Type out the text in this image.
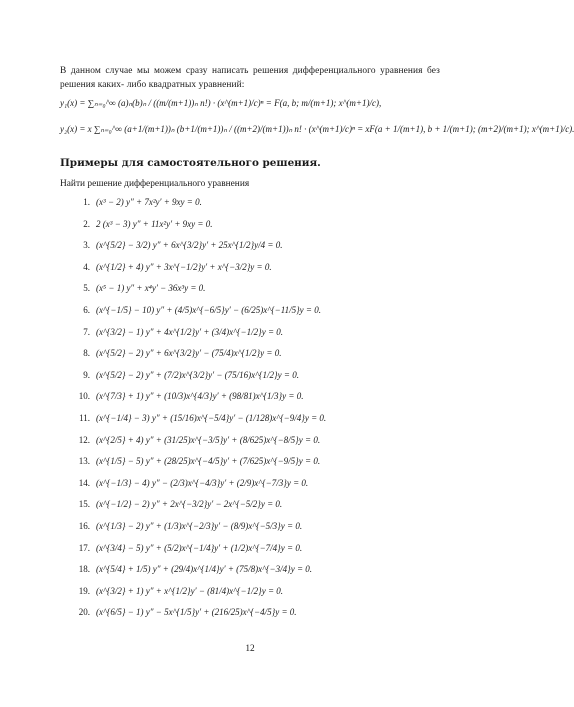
В данном случае мы можем сразу написать решения дифференциального уравнения без решения каких- либо квадратных уравнений:
y₁(x) = ∑ₙ₌₀^∞ (a)ₙ(b)ₙ / ((m/(m+1))ₙ n!) · (x^(m+1)/c)ⁿ = F(a, b; m/(m+1); x^(m+1)/c),
y₂(x) = x ∑ₙ₌₀^∞ (a+1/(m+1))ₙ (b+1/(m+1))ₙ / ((m+2)/(m+1))ₙ n! · (x^(m+1)/c)ⁿ = xF(a + 1/(m+1), b + 1/(m+1); (m+2)/(m+1); x^(m+1)/c).
Примеры для самостоятельного решения.
Найти решение дифференциального уравнения
1. (x³ − 2) y″ + 7x²y′ + 9xy = 0.
2. 2 (x³ − 3) y″ + 11x²y′ + 9xy = 0.
3. (x^{5/2} − 3/2) y″ + 6x^{3/2}y′ + 25x^{1/2}y/4 = 0.
4. (x^{1/2} + 4) y″ + 3x^{−1/2}y′ + x^{−3/2}y = 0.
5. (x⁵ − 1) y″ + x⁴y′ − 36x³y = 0.
6. (x^{−1/5} − 10) y″ + (4/5)x^{−6/5}y′ − (6/25)x^{−11/5}y = 0.
7. (x^{3/2} − 1) y″ + 4x^{1/2}y′ + (3/4)x^{−1/2}y = 0.
8. (x^{5/2} − 2) y″ + 6x^{3/2}y′ − (75/4)x^{1/2}y = 0.
9. (x^{5/2} − 2) y″ + (7/2)x^{3/2}y′ − (75/16)x^{1/2}y = 0.
10. (x^{7/3} + 1) y″ + (10/3)x^{4/3}y′ + (98/81)x^{1/3}y = 0.
11. (x^{−1/4} − 3) y″ + (15/16)x^{−5/4}y′ − (1/128)x^{−9/4}y = 0.
12. (x^{2/5} + 4) y″ + (31/25)x^{−3/5}y′ + (8/625)x^{−8/5}y = 0.
13. (x^{1/5} − 5) y″ + (28/25)x^{−4/5}y′ + (7/625)x^{−9/5}y = 0.
14. (x^{−1/3} − 4) y″ − (2/3)x^{−4/3}y′ + (2/9)x^{−7/3}y = 0.
15. (x^{−1/2} − 2) y″ + 2x^{−3/2}y′ − 2x^{−5/2}y = 0.
16. (x^{1/3} − 2) y″ + (1/3)x^{−2/3}y′ − (8/9)x^{−5/3}y = 0.
17. (x^{3/4} − 5) y″ + (5/2)x^{−1/4}y′ + (1/2)x^{−7/4}y = 0.
18. (x^{5/4} + 1/5) y″ + (29/4)x^{1/4}y′ + (75/8)x^{−3/4}y = 0.
19. (x^{3/2} + 1) y″ + x^{1/2}y′ − (81/4)x^{−1/2}y = 0.
20. (x^{6/5} − 1) y″ − 5x^{1/5}y′ + (216/25)x^{−4/5}y = 0.
12
